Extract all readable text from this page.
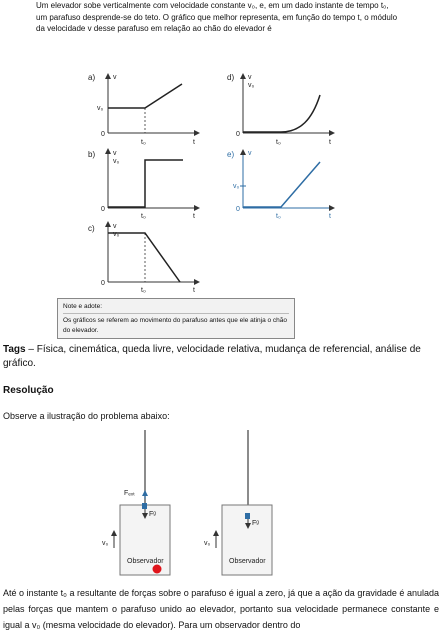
Um elevador sobe verticalmente com velocidade constante v₀, e, em um dado instante de tempo t₀,
um parafuso desprende-se do teto. O gráfico que melhor representa, em função do tempo t, o módulo
da velocidade v desse parafuso em relação ao chão do elevador é
a)	v
v₀
0
t₀	t
b)	v
v₀
0
t₀	t
c)	v
v₀
0
t₀	t
d) v
v₀
0
t₀	t
e) v
v₀
0
t₀	t
Note e adote:
Os gráficos se referem ao movimento do parafuso antes que ele atinja o chão do elevador.
Tags – Física, cinemática, queda livre, velocidade relativa, mudança de referencial, análise de gráfico.
Resolução
Observe a ilustração do problema abaixo:
Fₑₓₜ
Fᵍ
v₀
Observador
Fᵍ
v₀
Observador
Até o instante t₀ a resultante de forças sobre o parafuso é igual a zero, já que a ação da gravidade é anulada pelas forças que mantem o parafuso unido ao elevador, portanto sua velocidade permanece constante e igual a v₀ (mesma velocidade do elevador). Para um observador dentro do
